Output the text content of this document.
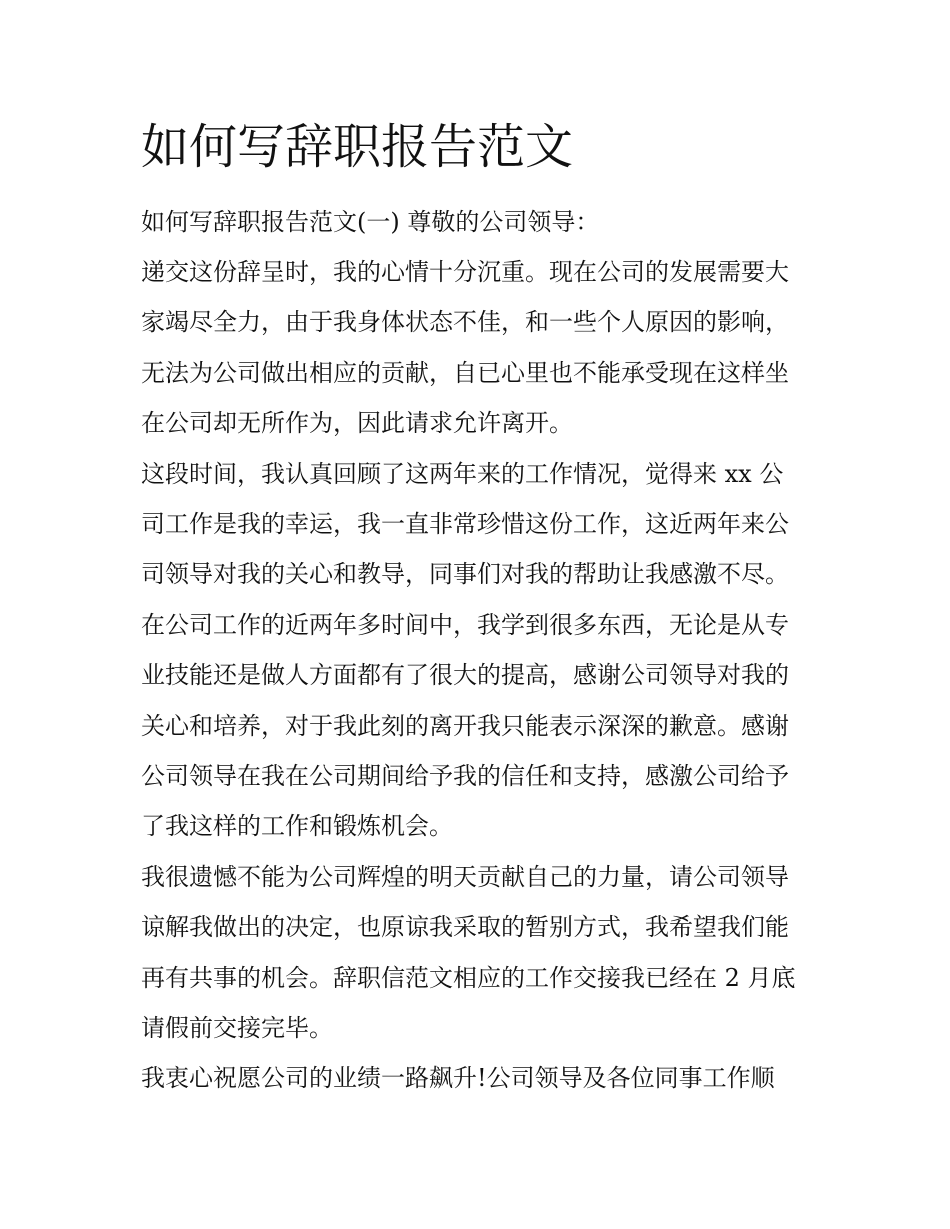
如何写辞职报告范文

如何写辞职报告范文(一) 尊敬的公司领导：

递交这份辞呈时，我的心情十分沉重。现在公司的发展需要大

家竭尽全力，由于我身体状态不佳，和一些个人原因的影响，

无法为公司做出相应的贡献，自已心里也不能承受现在这样坐

在公司却无所作为，因此请求允许离开。

这段时间，我认真回顾了这两年来的工作情况，觉得来 xx 公

司工作是我的幸运，我一直非常珍惜这份工作，这近两年来公

司领导对我的关心和教导，同事们对我的帮助让我感激不尽。

在公司工作的近两年多时间中，我学到很多东西，无论是从专

业技能还是做人方面都有了很大的提高，感谢公司领导对我的

关心和培养，对于我此刻的离开我只能表示深深的歉意。感谢

公司领导在我在公司期间给予我的信任和支持，感激公司给予

了我这样的工作和锻炼机会。

我很遗憾不能为公司辉煌的明天贡献自己的力量，请公司领导

谅解我做出的决定，也原谅我采取的暂别方式，我希望我们能

再有共事的机会。辞职信范文相应的工作交接我已经在 2 月底

请假前交接完毕。

我衷心祝愿公司的业绩一路飙升!公司领导及各位同事工作顺
